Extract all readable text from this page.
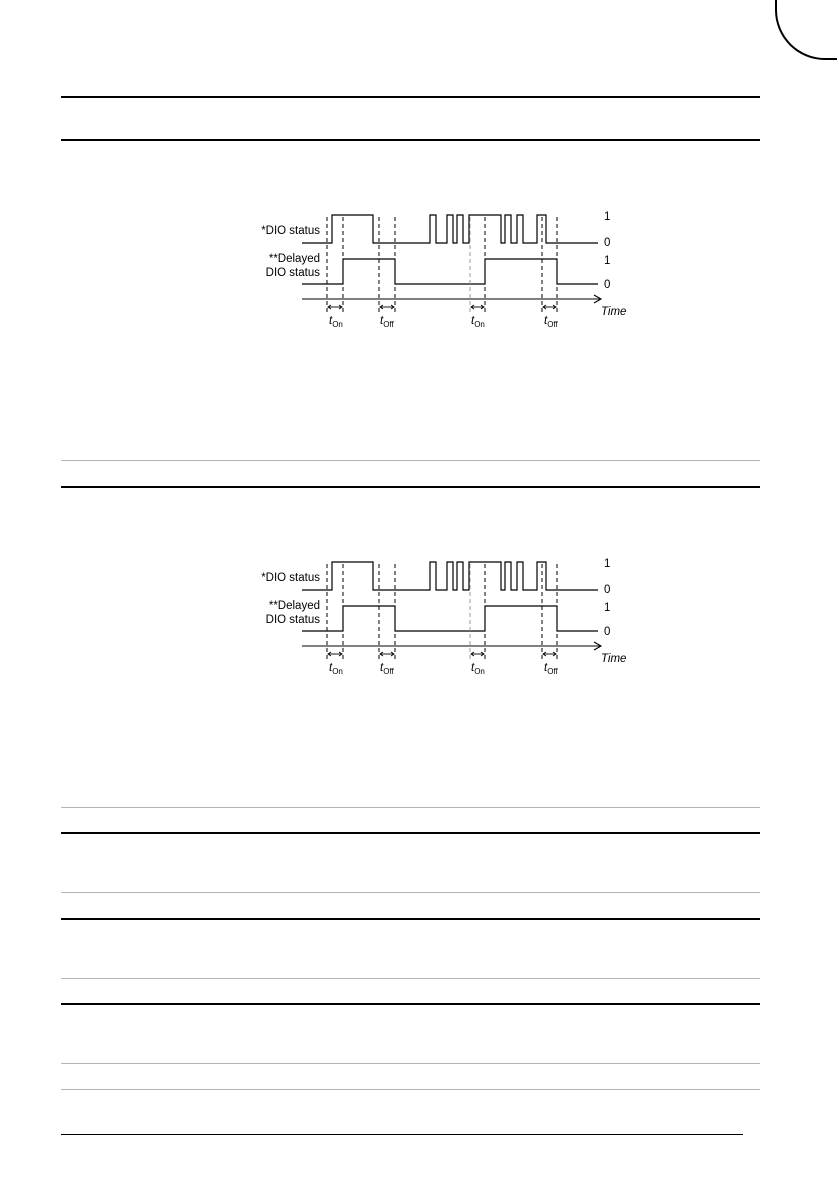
*DIO status
**Delayed
DIO status
1
0
1
0
Time
$t_{On}$	$t_{Off}$	$t_{On}$	$t_{Off}$
*DIO status
**Delayed
DIO status
1
0
1
0
Time
$t_{On}$	$t_{Off}$	$t_{On}$	$t_{Off}$
